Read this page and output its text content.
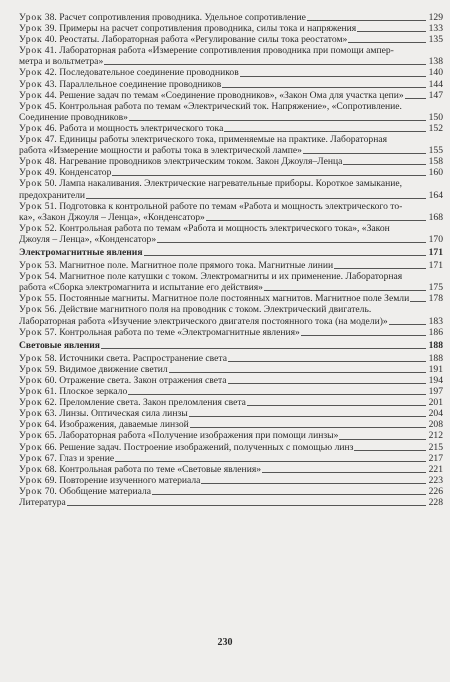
Урок 38. Расчет сопротивления проводника. Удельное сопротивление	129
Урок 39. Примеры на расчет сопротивления проводника, силы тока и напряжения	133
Урок 40. Реостаты. Лабораторная работа «Регулирование силы тока реостатом»	135
Урок 41. Лабораторная работа «Измерение сопротивления проводника при помощи ампер-
метра и вольтметра»	138
Урок 42. Последовательное соединение проводников	140
Урок 43. Параллельное соединение проводников	144
Урок 44. Решение задач по темам «Соединение проводников», «Закон Ома для участка цепи»	147
Урок 45. Контрольная работа по темам «Электрический ток. Напряжение», «Сопротивление.
Соединение проводников»	150
Урок 46. Работа и мощность электрического тока	152
Урок 47. Единицы работы электрического тока, применяемые на практике. Лабораторная
работа «Измерение мощности и работы тока в электрической лампе»	155
Урок 48. Нагревание проводников электрическим током. Закон Джоуля–Ленца	158
Урок 49. Конденсатор	160
Урок 50. Лампа накаливания. Электрические нагревательные приборы. Короткое замыкание,
предохранители	164
Урок 51. Подготовка к контрольной работе по темам «Работа и мощность электрического то-
ка», «Закон Джоуля – Ленца», «Конденсатор»	168
Урок 52. Контрольная работа по темам «Работа и мощность электрического тока», «Закон
Джоуля – Ленца», «Конденсатор»	170
Электромагнитные явления	171
Урок 53. Магнитное поле. Магнитное поле прямого тока. Магнитные линии	171
Урок 54. Магнитное поле катушки с током. Электромагниты и их применение. Лабораторная
работа «Сборка электромагнита и испытание его действия»	175
Урок 55. Постоянные магниты. Магнитное поле постоянных магнитов. Магнитное поле Земли 178
Урок 56. Действие магнитного поля на проводник с током. Электрический двигатель.
Лабораторная работа «Изучение электрического двигателя постоянного тока (на модели)»	183
Урок 57. Контрольная работа по теме «Электромагнитные явления»	186
Световые явления	188
Урок 58. Источники света. Распространение света	188
Урок 59. Видимое движение светил	191
Урок 60. Отражение света. Закон отражения света	194
Урок 61. Плоское зеркало	197
Урок 62. Преломление света. Закон преломления света	201
Урок 63. Линзы. Оптическая сила линзы	204
Урок 64. Изображения, даваемые линзой	208
Урок 65. Лабораторная работа «Получение изображения при помощи линзы»	212
Урок 66. Решение задач. Построение изображений, полученных с помощью линз	215
Урок 67. Глаз и зрение	217
Урок 68. Контрольная работа по теме «Световые явления»	221
Урок 69. Повторение изученного материала	223
Урок 70. Обобщение материала	226
Литература	228
230
